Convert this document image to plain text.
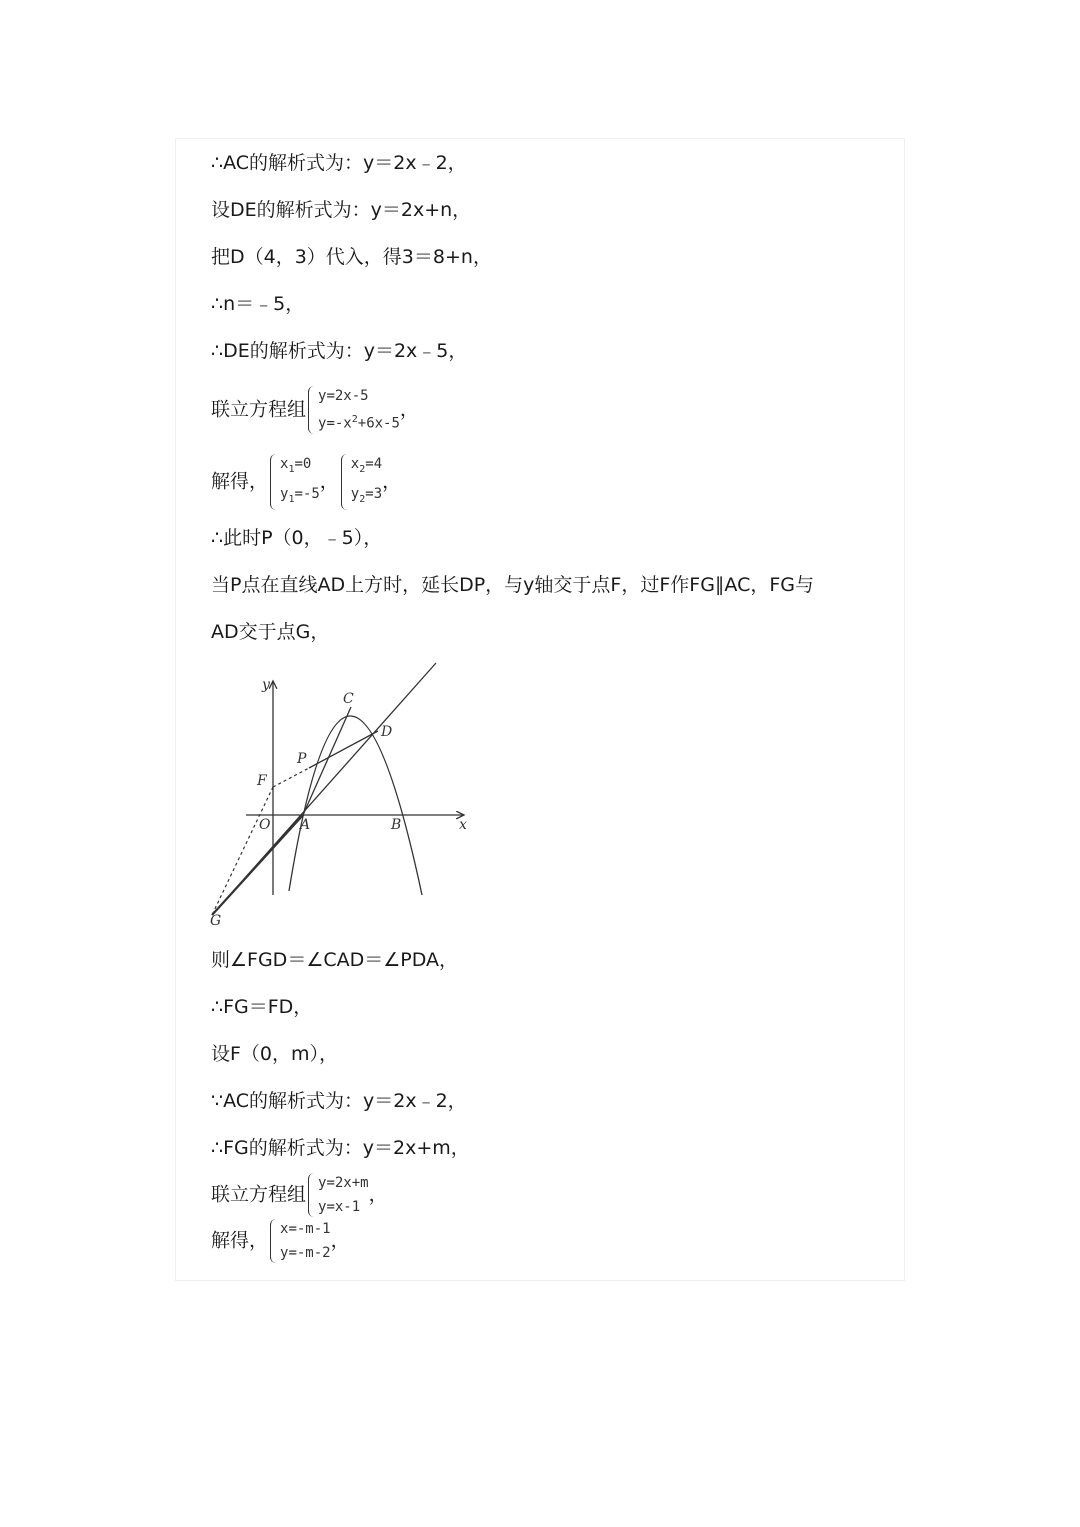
∴AC的解析式为：y＝2x﹣2，
设DE的解析式为：y＝2x+n，
把D（4，3）代入，得3＝8+n，
∴n＝﹣5，
∴DE的解析式为：y＝2x﹣5，
联立方程组
y=2x-5
$y=-x^2+6x-5$
，
解得，
$x_1=0$
$y_1=-5$
，
$x_2=4$
$y_2=3$
，
∴此时P（0，﹣5），
当P点在直线AD上方时，延长DP，与y轴交于点F，过F作FG∥AC，FG与
AD交于点G，
y
x
C
D
P
F
O A	B
G
则∠FGD＝∠CAD＝∠PDA，
∴FG＝FD，
设F（0，m），
∵AC的解析式为：y＝2x﹣2，
∴FG的解析式为：y＝2x+m，
联立方程组
y=2x+m
y=x-1
，
解得，
x=-m-1
y=-m-2
，
